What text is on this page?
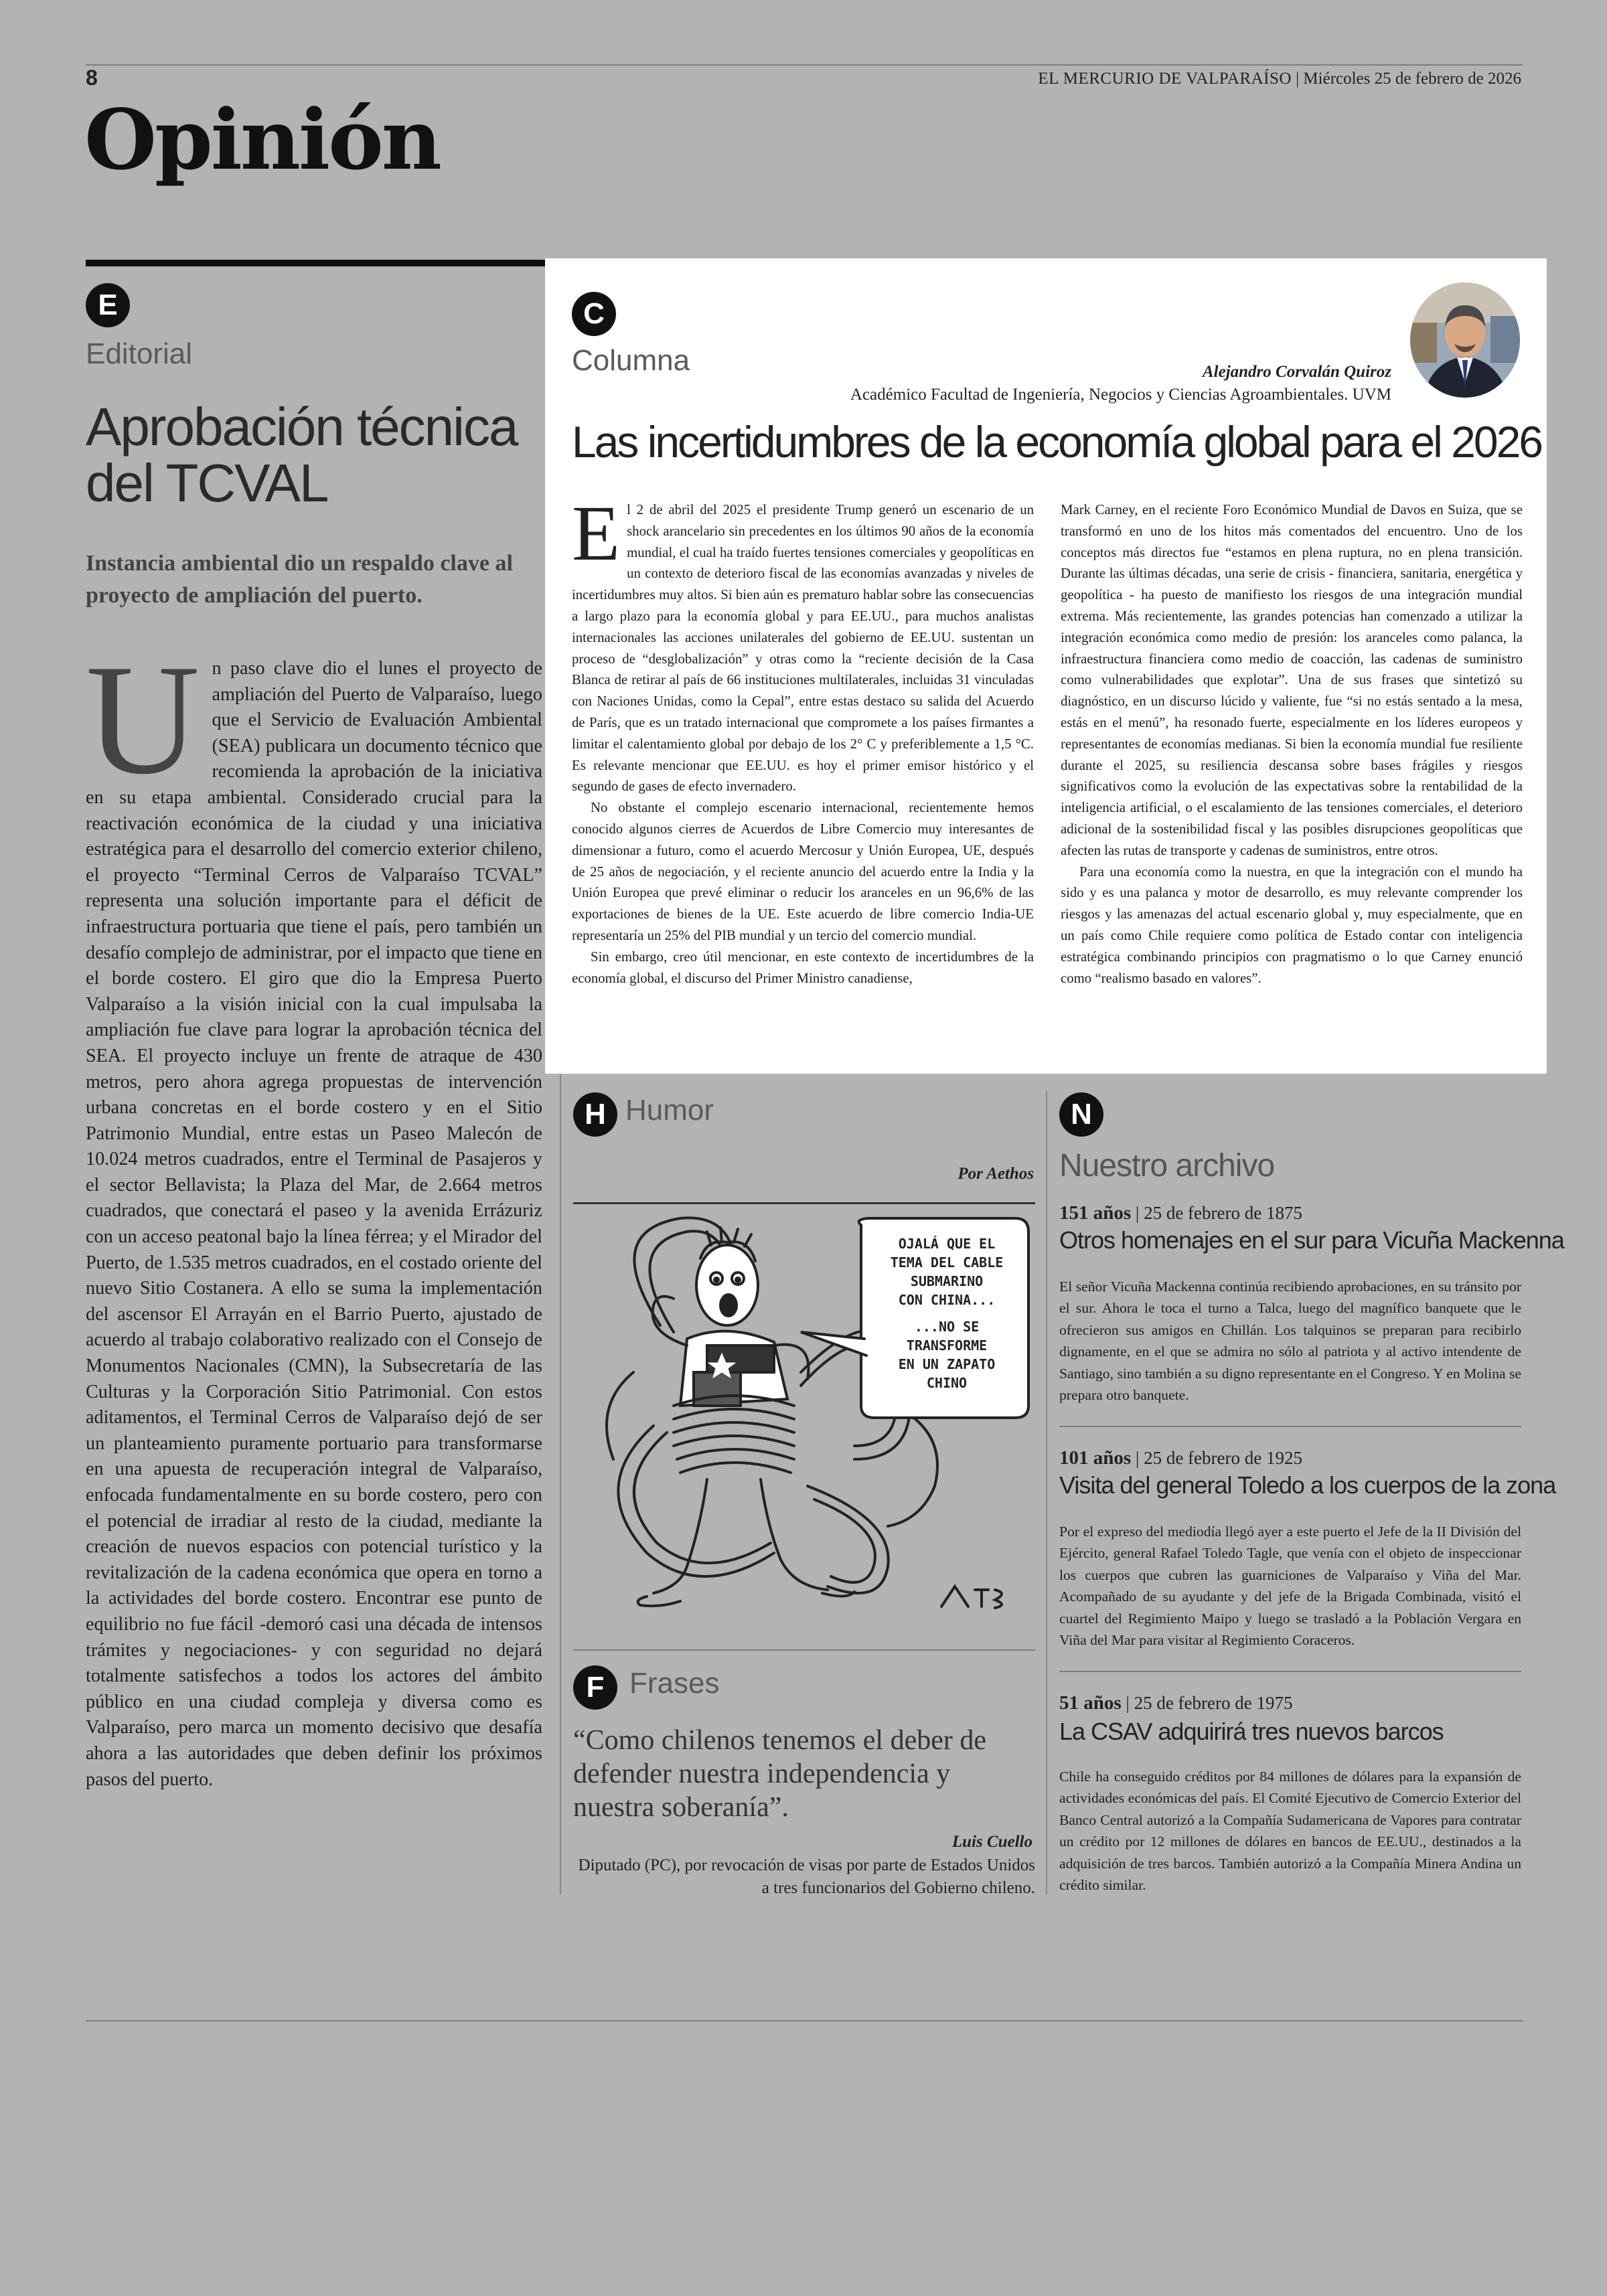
8	EL MERCURIO DE VALPARAÍSO | Miércoles 25 de febrero de 2026
Opinión
E
Editorial
Aprobación técnica del TCVAL
Instancia ambiental dio un respaldo clave al proyecto de ampliación del puerto.
Un paso clave dio el lunes el proyecto de ampliación del Puerto de Valparaíso, luego que el Servicio de Evaluación Ambiental (SEA) publicara un documento técnico que recomienda la aprobación de la iniciativa en su etapa ambiental. Considerado crucial para la reactivación económica de la ciudad y una iniciativa estratégica para el desarrollo del comercio exterior chileno, el proyecto “Terminal Cerros de Valparaíso TCVAL” representa una solución importante para el déficit de infraestructura portuaria que tiene el país, pero también un desafío complejo de administrar, por el impacto que tiene en el borde costero. El giro que dio la Empresa Puerto Valparaíso a la visión inicial con la cual impulsaba la ampliación fue clave para lograr la aprobación técnica del SEA. El proyecto incluye un frente de atraque de 430 metros, pero ahora agrega propuestas de intervención urbana concretas en el borde costero y en el Sitio Patrimonio Mundial, entre estas un Paseo Malecón de 10.024 metros cuadrados, entre el Terminal de Pasajeros y el sector Bellavista; la Plaza del Mar, de 2.664 metros cuadrados, que conectará el paseo y la avenida Errázuriz con un acceso peatonal bajo la línea férrea; y el Mirador del Puerto, de 1.535 metros cuadrados, en el costado oriente del nuevo Sitio Costanera. A ello se suma la implementación del ascensor El Arrayán en el Barrio Puerto, ajustado de acuerdo al trabajo colaborativo realizado con el Consejo de Monumentos Nacionales (CMN), la Subsecretaría de las Culturas y la Corporación Sitio Patrimonial. Con estos aditamentos, el Terminal Cerros de Valparaíso dejó de ser un planteamiento puramente portuario para transformarse en una apuesta de recuperación integral de Valparaíso, enfocada fundamentalmente en su borde costero, pero con el potencial de irradiar al resto de la ciudad, mediante la creación de nuevos espacios con potencial turístico y la revitalización de la cadena económica que opera en torno a la actividades del borde costero. Encontrar ese punto de equilibrio no fue fácil -demoró casi una década de intensos trámites y negociaciones- y con seguridad no dejará totalmente satisfechos a todos los actores del ámbito público en una ciudad compleja y diversa como es Valparaíso, pero marca un momento decisivo que desafía ahora a las autoridades que deben definir los próximos pasos del puerto.
C
Columna	Alejandro Corvalán Quiroz
Académico Facultad de Ingeniería, Negocios y Ciencias Agroambientales. UVM
Las incertidumbres de la economía global para el 2026

El 2 de abril del 2025 el presidente Trump generó un escenario de un shock arancelario sin precedentes en los últimos 90 años de la economía mundial, el cual ha traído fuertes tensiones comerciales y geopolíticas en un contexto de deterioro fiscal de las economías avanzadas y niveles de incertidumbres muy altos. Si bien aún es prematuro hablar sobre las consecuencias a largo plazo para la economía global y para EE.UU., para muchos analistas internacionales las acciones unilaterales del gobierno de EE.UU. sustentan un proceso de “desglobalización” y otras como la “reciente decisión de la Casa Blanca de retirar al país de 66 instituciones multilaterales, incluidas 31 vinculadas con Naciones Unidas, como la Cepal”, entre estas destaco su salida del Acuerdo de París, que es un tratado internacional que compromete a los países firmantes a limitar el calentamiento global por debajo de los 2° C y preferiblemente a 1,5 °C. Es relevante mencionar que EE.UU. es hoy el primer emisor histórico y el segundo de gases de efecto invernadero.

No obstante el complejo escenario internacional, recientemente hemos conocido algunos cierres de Acuerdos de Libre Comercio muy interesantes de dimensionar a futuro, como el acuerdo Mercosur y Unión Europea, UE, después de 25 años de negociación, y el reciente anuncio del acuerdo entre la India y la Unión Europea que prevé eliminar o reducir los aranceles en un 96,6% de las exportaciones de bienes de la UE. Este acuerdo de libre comercio India-UE representaría un 25% del PIB mundial y un tercio del comercio mundial.

Sin embargo, creo útil mencionar, en este contexto de incertidumbres de la economía global, el discurso del Primer Ministro canadiense,

Mark Carney, en el reciente Foro Económico Mundial de Davos en Suiza, que se transformó en uno de los hitos más comentados del encuentro. Uno de los conceptos más directos fue “estamos en plena ruptura, no en plena transición. Durante las últimas décadas, una serie de crisis - financiera, sanitaria, energética y geopolítica - ha puesto de manifiesto los riesgos de una integración mundial extrema. Más recientemente, las grandes potencias han comenzado a utilizar la integración económica como medio de presión: los aranceles como palanca, la infraestructura financiera como medio de coacción, las cadenas de suministro como vulnerabilidades que explotar”. Una de sus frases que sintetizó su diagnóstico, en un discurso lúcido y valiente, fue “si no estás sentado a la mesa, estás en el menú”, ha resonado fuerte, especialmente en los líderes europeos y representantes de economías medianas. Si bien la economía mundial fue resiliente durante el 2025, su resiliencia descansa sobre bases frágiles y riesgos significativos como la evolución de las expectativas sobre la rentabilidad de la inteligencia artificial, o el escalamiento de las tensiones comerciales, el deterioro adicional de la sostenibilidad fiscal y las posibles disrupciones geopolíticas que afecten las rutas de transporte y cadenas de suministros, entre otros.

Para una economía como la nuestra, en que la integración con el mundo ha sido y es una palanca y motor de desarrollo, es muy relevante comprender los riesgos y las amenazas del actual escenario global y, muy especialmente, que en un país como Chile requiere como política de Estado contar con inteligencia estratégica combinando principios con pragmatismo o lo que Carney enunció como “realismo basado en valores”.

H Humor
Por Aethos
OJALÁ QUE EL
TEMA DEL CABLE
SUBMARINO
CON CHINA...
...NO SE
TRANSFORME
EN UN ZAPATO
CHINO
F Frases
“Como chilenos tenemos el deber de defender nuestra independencia y nuestra soberanía”.
Luis Cuello
Diputado (PC), por revocación de visas por parte de Estados Unidos a tres funcionarios del Gobierno chileno.
N
Nuestro archivo
151 años | 25 de febrero de 1875
Otros homenajes en el sur para Vicuña Mackenna
El señor Vicuña Mackenna continúa recibiendo aprobaciones, en su tránsito por el sur. Ahora le toca el turno a Talca, luego del magnífico banquete que le ofrecieron sus amigos en Chillán. Los talquinos se preparan para recibirlo dignamente, en el que se admira no sólo al patriota y al activo intendente de Santiago, sino también a su digno representante en el Congreso. Y en Molina se prepara otro banquete.
101 años | 25 de febrero de 1925
Visita del general Toledo a los cuerpos de la zona
Por el expreso del mediodía llegó ayer a este puerto el Jefe de la II División del Ejército, general Rafael Toledo Tagle, que venía con el objeto de inspeccionar los cuerpos que cubren las guarniciones de Valparaíso y Viña del Mar. Acompañado de su ayudante y del jefe de la Brigada Combinada, visitó el cuartel del Regimiento Maipo y luego se trasladó a la Población Vergara en Viña del Mar para visitar al Regimiento Coraceros.
51 años | 25 de febrero de 1975
La CSAV adquirirá tres nuevos barcos
Chile ha conseguido créditos por 84 millones de dólares para la expansión de actividades económicas del país. El Comité Ejecutivo de Comercio Exterior del Banco Central autorizó a la Compañía Sudamericana de Vapores para contratar un crédito por 12 millones de dólares en bancos de EE.UU., destinados a la adquisición de tres barcos. También autorizó a la Compañía Minera Andina un crédito similar.
